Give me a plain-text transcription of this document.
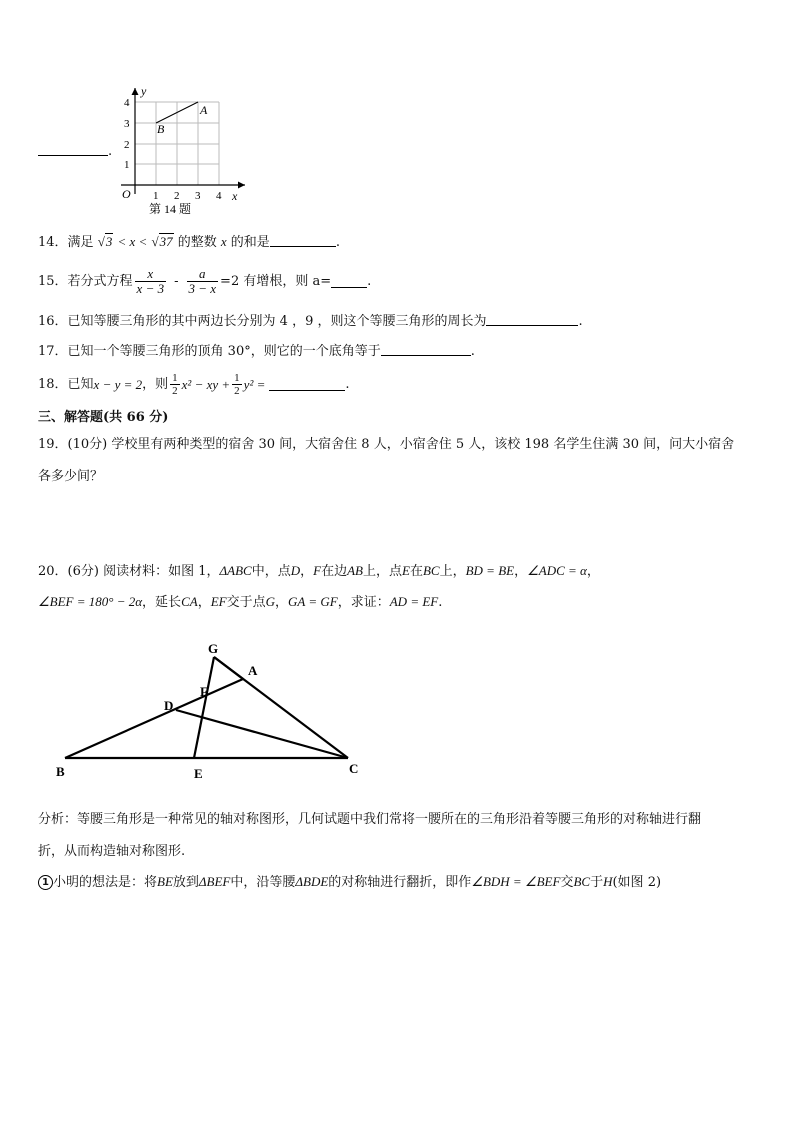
.
y
x
O
4
3
2
1
1 2 3 4
A
B
第 14 题
14．满足 √3 < x < √37 的整数 x 的和是	.
15．若分式方程 $\frac{x}{x - 3} - \frac{a}{3 - x} =2$ 有增根，则 a=	.
16．已知等腰三角形的其中两边长分别为 4 ，9 ，则这个等腰三角形的周长为	.
17．已知一个等腰三角形的顶角 30°，则它的一个底角等于	.
18．已知 x − y = 2 ，则 $\frac{1}{2} x^2$ − xy + $\frac{1}{2} y^2$ =	.
三、解答题(共 66 分)
19．(10分) 学校里有两种类型的宿舍 30 间，大宿舍住 8 人，小宿舍住 5 人，该校 198 名学生住满 30 间，问大小宿舍
各多少间？
20．(6分) 阅读材料：如图 1，ΔABC中，点D，F在边AB上，点E在BC上，BD = BE，∠ADC = α，
∠BEF = 180° − 2α，延长CA，EF交于点G，GA = GF，求证：AD = EF.
G
A
F
D
B	E	C
分析：等腰三角形是一种常见的轴对称图形，几何试题中我们常将一腰所在的三角形沿着等腰三角形的对称轴进行翻
折，从而构造轴对称图形.
1 小明的想法是：将BE放到ΔBEF中，沿等腰ΔBDE的对称轴进行翻折，即作∠BDH = ∠BEF交BC于H(如图 2)
